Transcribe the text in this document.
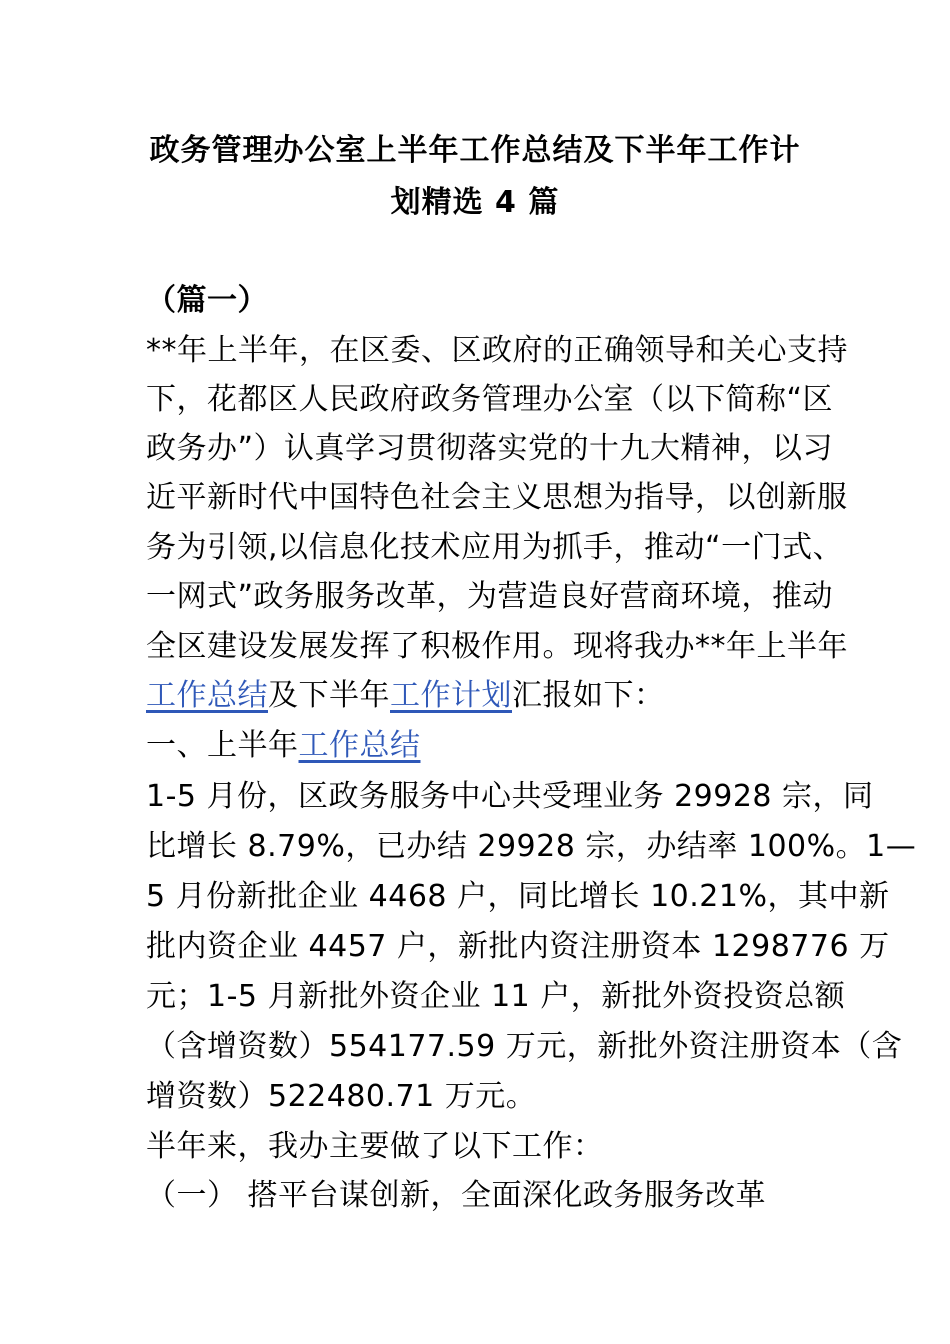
政务管理办公室上半年工作总结及下半年工作计
划精选 4 篇
（篇一）
**年上半年，在区委、区政府的正确领导和关心支持
下，花都区人民政府政务管理办公室（以下简称“区
政务办”）认真学习贯彻落实党的十九大精神，以习
近平新时代中国特色社会主义思想为指导，以创新服
务为引领,以信息化技术应用为抓手，推动“一门式、
一网式”政务服务改革，为营造良好营商环境，推动
全区建设发展发挥了积极作用。现将我办**年上半年
工作总结及下半年工作计划汇报如下：
一、上半年工作总结
1-5 月份，区政务服务中心共受理业务 29928 宗，同
比增长 8.79%，已办结 29928 宗，办结率 100%。1—
5 月份新批企业 4468 户，同比增长 10.21%，其中新
批内资企业 4457 户，新批内资注册资本 1298776 万
元；1-5 月新批外资企业 11 户，新批外资投资总额
（含增资数）554177.59 万元，新批外资注册资本（含
增资数）522480.71 万元。
半年来，我办主要做了以下工作：
（一） 搭平台谋创新，全面深化政务服务改革
